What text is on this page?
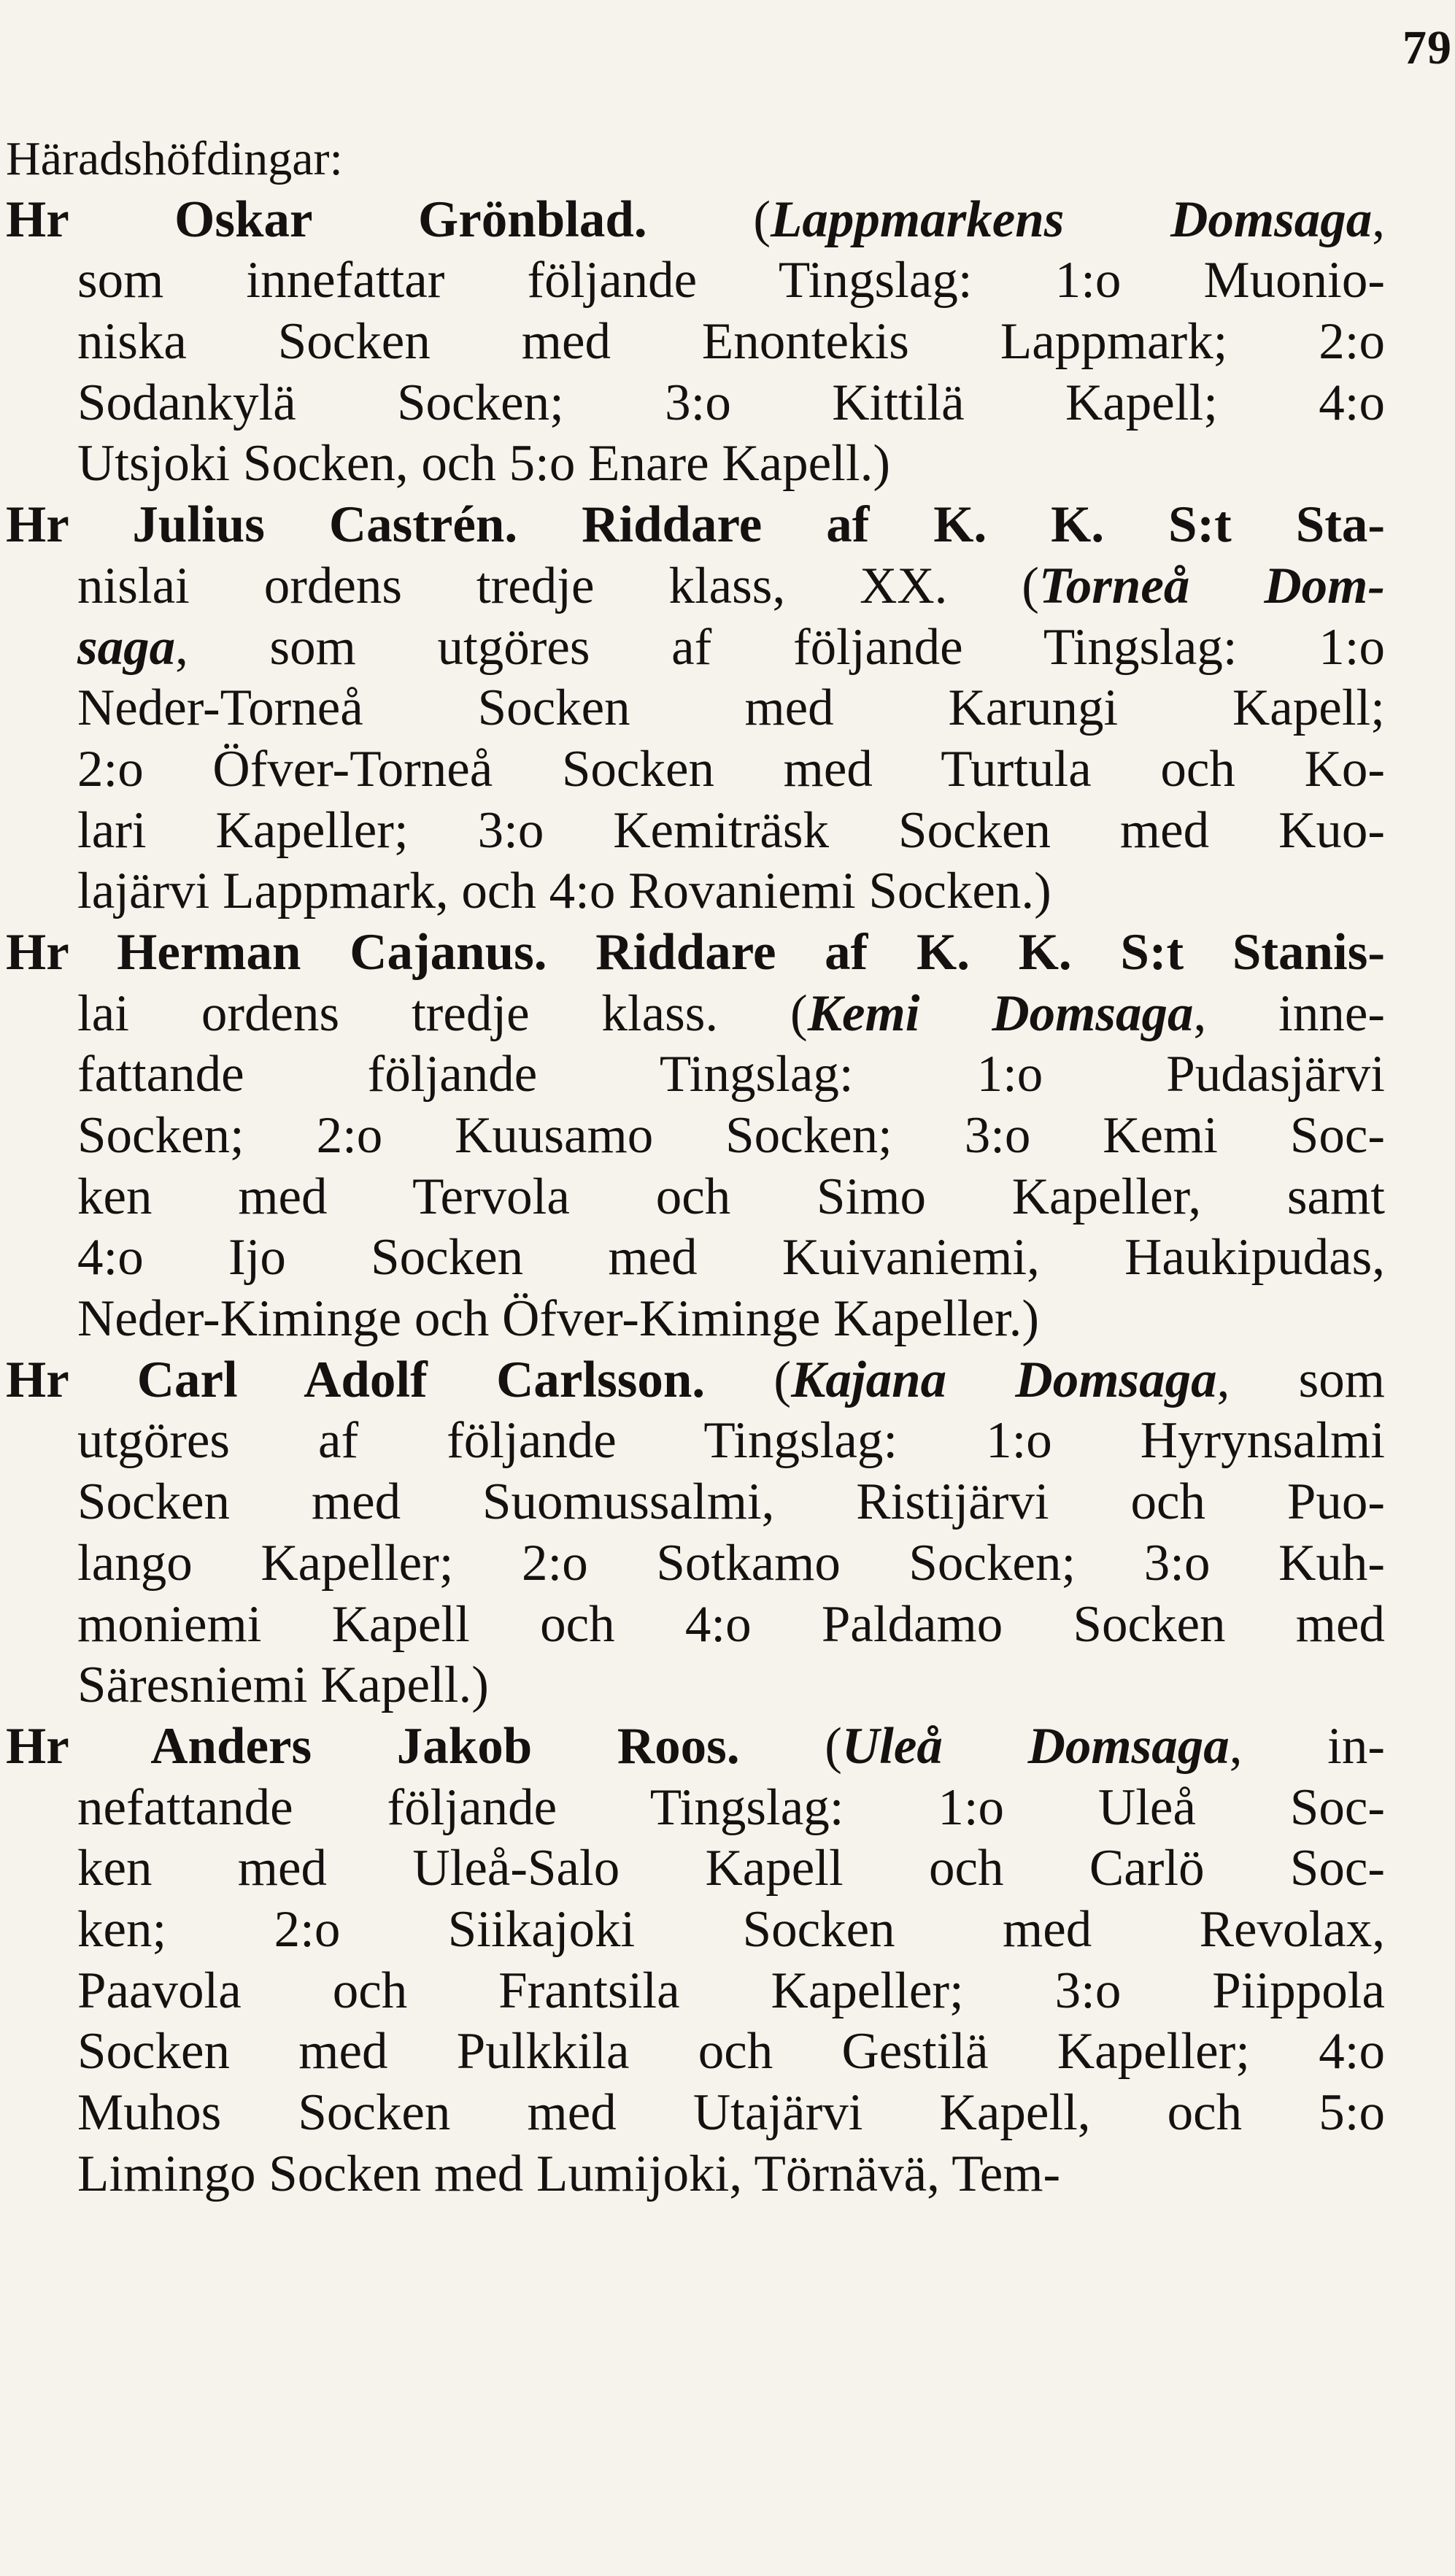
79
Häradshöfdingar:
Hr Oskar Grönblad. (Lappmarkens Domsaga,
som innefattar följande Tingslag: 1:o Muonio-
niska Socken med Enontekis Lappmark; 2:o
Sodankylä Socken; 3:o Kittilä Kapell; 4:o
Utsjoki Socken, och 5:o Enare Kapell.)
Hr Julius Castrén. Riddare af K. K. S:t Sta-
nislai ordens tredje klass, XX. (Torneå Dom-
saga, som utgöres af följande Tingslag: 1:o
Neder-Torneå Socken med Karungi Kapell;
2:o Öfver-Torneå Socken med Turtula och Ko-
lari Kapeller; 3:o Kemiträsk Socken med Kuo-
lajärvi Lappmark, och 4:o Rovaniemi Socken.)
Hr Herman Cajanus. Riddare af K. K. S:t Stanis-
lai ordens tredje klass. (Kemi Domsaga, inne-
fattande följande Tingslag: 1:o Pudasjärvi
Socken; 2:o Kuusamo Socken; 3:o Kemi Soc-
ken med Tervola och Simo Kapeller, samt
4:o Ijo Socken med Kuivaniemi, Haukipudas,
Neder-Kiminge och Öfver-Kiminge Kapeller.)
Hr Carl Adolf Carlsson. (Kajana Domsaga, som
utgöres af följande Tingslag: 1:o Hyrynsalmi
Socken med Suomussalmi, Ristijärvi och Puo-
lango Kapeller; 2:o Sotkamo Socken; 3:o Kuh-
moniemi Kapell och 4:o Paldamo Socken med
Säresniemi Kapell.)
Hr Anders Jakob Roos. (Uleå Domsaga, in-
nefattande följande Tingslag: 1:o Uleå Soc-
ken med Uleå-Salo Kapell och Carlö Soc-
ken; 2:o Siikajoki Socken med Revolax,
Paavola och Frantsila Kapeller; 3:o Piippola
Socken med Pulkkila och Gestilä Kapeller; 4:o
Muhos Socken med Utajärvi Kapell, och 5:o
Limingo Socken med Lumijoki, Törnävä, Tem-
